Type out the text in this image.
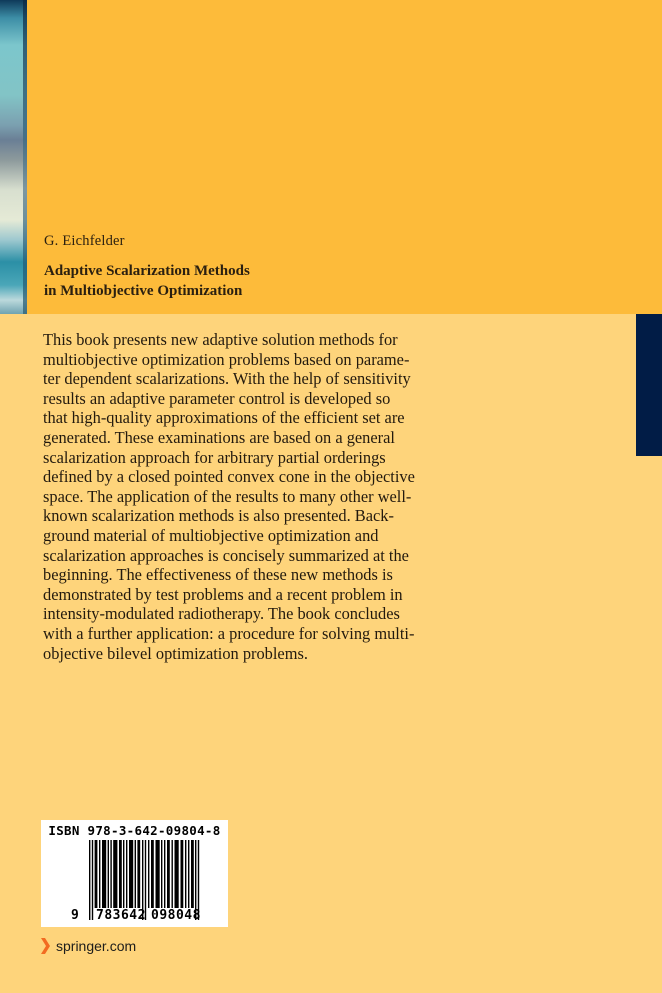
G. Eichfelder
Adaptive Scalarization Methods
in Multiobjective Optimization
This book presents new adaptive solution methods for
multiobjective optimization problems based on parame-
ter dependent scalarizations. With the help of sensitivity
results an adaptive parameter control is developed so
that high-quality approximations of the efficient set are
generated. These examinations are based on a general
scalarization approach for arbitrary partial orderings
defined by a closed pointed convex cone in the objective
space. The application of the results to many other well-
known scalarization methods is also presented. Back-
ground material of multiobjective optimization and
scalarization approaches is concisely summarized at the
beginning. The effectiveness of these new methods is
demonstrated by test problems and a recent problem in
intensity-modulated radiotherapy. The book concludes
with a further application: a procedure for solving multi-
objective bilevel optimization problems.
ISBN 978-3-642-09804-8
9 783642 098048
springer.com
